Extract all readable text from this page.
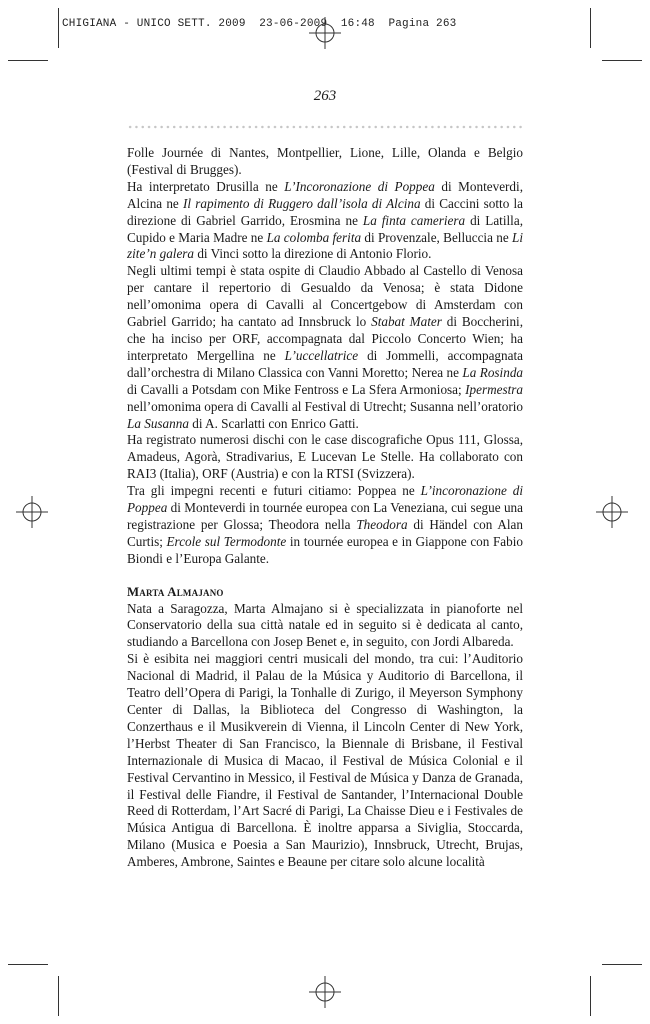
CHIGIANA - UNICO SETT. 2009  23-06-2009  16:48  Pagina 263
263

Folle Journée di Nantes, Montpellier, Lione, Lille, Olanda e Belgio (Festival di Brugges).

Ha interpretato Drusilla ne L’Incoronazione di Poppea di Monteverdi, Alcina ne Il rapimento di Ruggero dall’isola di Alcina di Caccini sotto la direzione di Gabriel Garrido, Erosmina ne La finta cameriera di Latilla, Cupido e Maria Madre ne La colomba ferita di Provenzale, Belluccia ne Li zite’n galera di Vinci sotto la direzione di Antonio Florio.

Negli ultimi tempi è stata ospite di Claudio Abbado al Castello di Venosa per cantare il repertorio di Gesualdo da Venosa; è stata Didone nell’omonima opera di Cavalli al Concertgebow di Amsterdam con Gabriel Garrido; ha cantato ad Innsbruck lo Stabat Mater di Boccherini, che ha inciso per ORF, accompagnata dal Piccolo Concerto Wien; ha interpretato Mergellina ne L’uccellatrice di Jommelli, accompagnata dall’orchestra di Milano Classica con Vanni Moretto; Nerea ne La Rosinda di Cavalli a Potsdam con Mike Fentross e La Sfera Armoniosa; Ipermestra nell’omonima opera di Cavalli al Festival di Utrecht; Susanna nell’oratorio La Susanna di A. Scarlatti con Enrico Gatti.

Ha registrato numerosi dischi con le case discografiche Opus 111, Glossa, Amadeus, Agorà, Stradivarius, E Lucevan Le Stelle. Ha collaborato con RAI3 (Italia), ORF (Austria) e con la RTSI (Svizzera).

Tra gli impegni recenti e futuri citiamo: Poppea ne L’incoronazione di Poppea di Monteverdi in tournée europea con La Veneziana, cui segue una registrazione per Glossa; Theodora nella Theodora di Händel con Alan Curtis; Ercole sul Termodonte in tournée europea e in Giappone con Fabio Biondi e l’Europa Galante.

Marta Almajano

Nata a Saragozza, Marta Almajano si è specializzata in pianoforte nel Conservatorio della sua città natale ed in seguito si è dedicata al canto, studiando a Barcellona con Josep Benet e, in seguito, con Jordi Albareda.

Si è esibita nei maggiori centri musicali del mondo, tra cui: l’Auditorio Nacional di Madrid, il Palau de la Música y Auditorio di Barcellona, il Teatro dell’Opera di Parigi, la Tonhalle di Zurigo, il Meyerson Symphony Center di Dallas, la Biblioteca del Congresso di Washington, la Conzerthaus e il Musikverein di Vienna, il Lincoln Center di New York, l’Herbst Theater di San Francisco, la Biennale di Brisbane, il Festival Internazionale di Musica di Macao, il Festival de Música Colonial e il Festival Cervantino in Messico, il Festival de Música y Danza de Granada, il Festival delle Fiandre, il Festival de Santander, l’Internacional Double Reed di Rotterdam, l’Art Sacré di Parigi, La Chaisse Dieu e i Festivales de Música Antigua di Barcellona. È inoltre apparsa a Siviglia, Stoccarda, Milano (Musica e Poesia a San Maurizio), Innsbruck, Utrecht, Brujas, Amberes, Ambrone, Saintes e Beaune per citare solo alcune località
